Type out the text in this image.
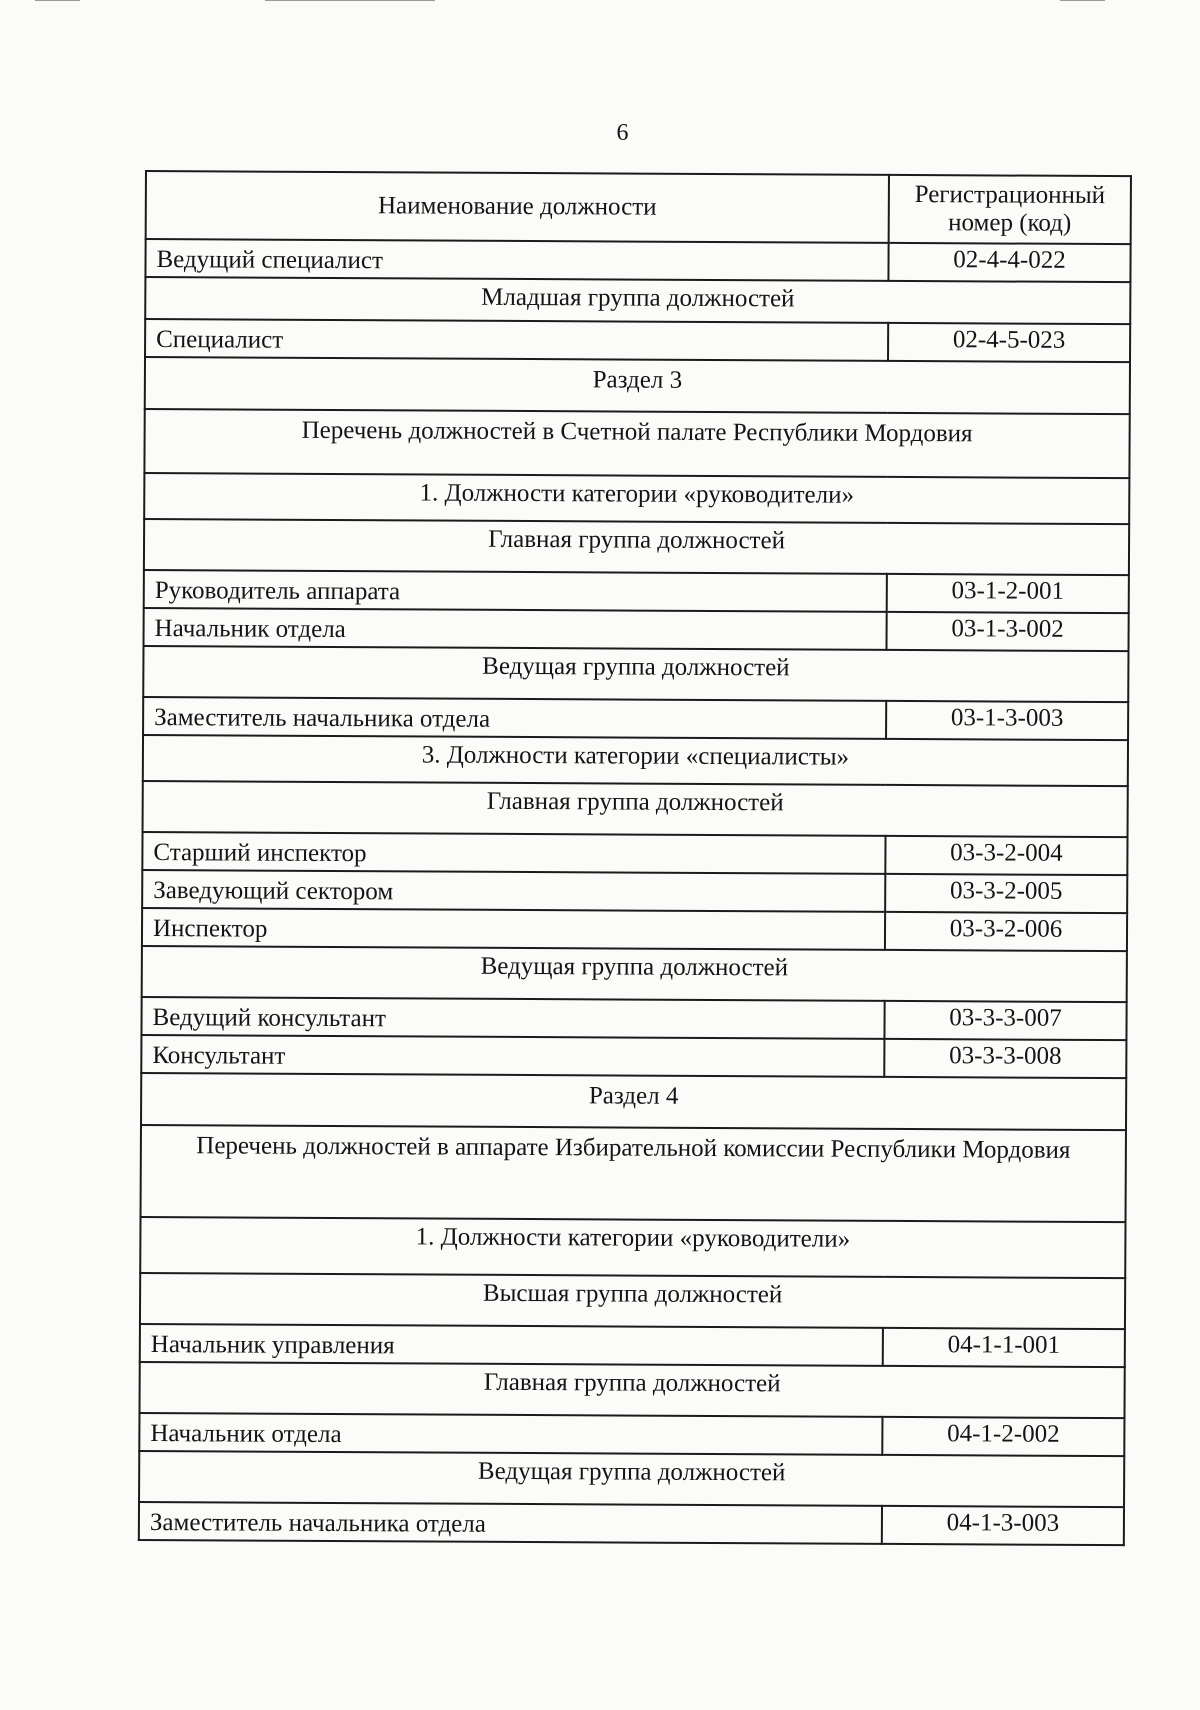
6
Наименование должности	Регистрационный номер (код)
Ведущий специалист	02-4-4-022
Младшая группа должностей	
Специалист	02-4-5-023
Раздел 3	
Перечень должностей в Счетной палате Республики Мордовия	
1. Должности категории «руководители»	
Главная группа должностей	
Руководитель аппарата	03-1-2-001
Начальник отдела	03-1-3-002
Ведущая группа должностей	
Заместитель начальника отдела	03-1-3-003
3. Должности категории «специалисты»	
Главная группа должностей	
Старший инспектор	03-3-2-004
Заведующий сектором	03-3-2-005
Инспектор	03-3-2-006
Ведущая группа должностей	
Ведущий консультант	03-3-3-007
Консультант	03-3-3-008
Раздел 4	
Перечень должностей в аппарате Избирательной комиссии Республики Мордовия	
1. Должности категории «руководители»	
Высшая группа должностей	
Начальник управления	04-1-1-001
Главная группа должностей	
Начальник отдела	04-1-2-002
Ведущая группа должностей	
Заместитель начальника отдела	04-1-3-003
